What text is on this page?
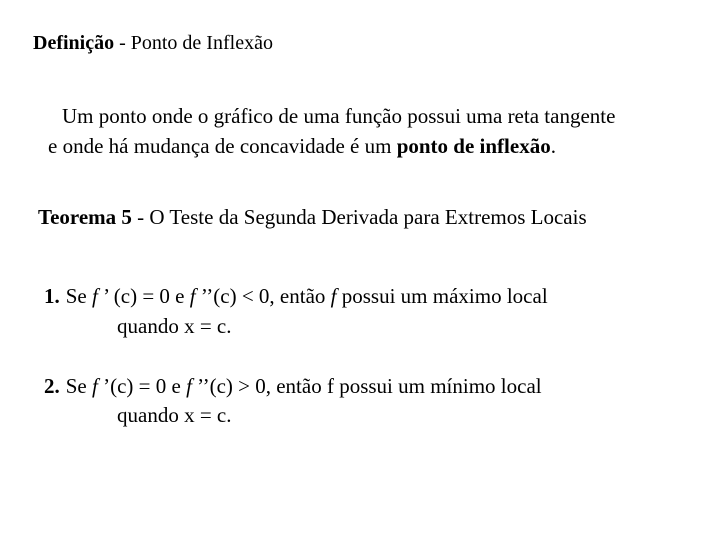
Definição - Ponto de Inflexão
Um ponto onde o gráfico de uma função possui uma reta tangente
e onde há mudança de concavidade é um ponto de inflexão.
Teorema 5 - O Teste da Segunda Derivada para Extremos Locais
1. Se f ’ (c) = 0 e f ’’(c) < 0, então f possui um máximo local
quando x = c.
2. Se f ’(c) = 0 e f ’’(c) > 0, então f possui um mínimo local
quando x = c.
